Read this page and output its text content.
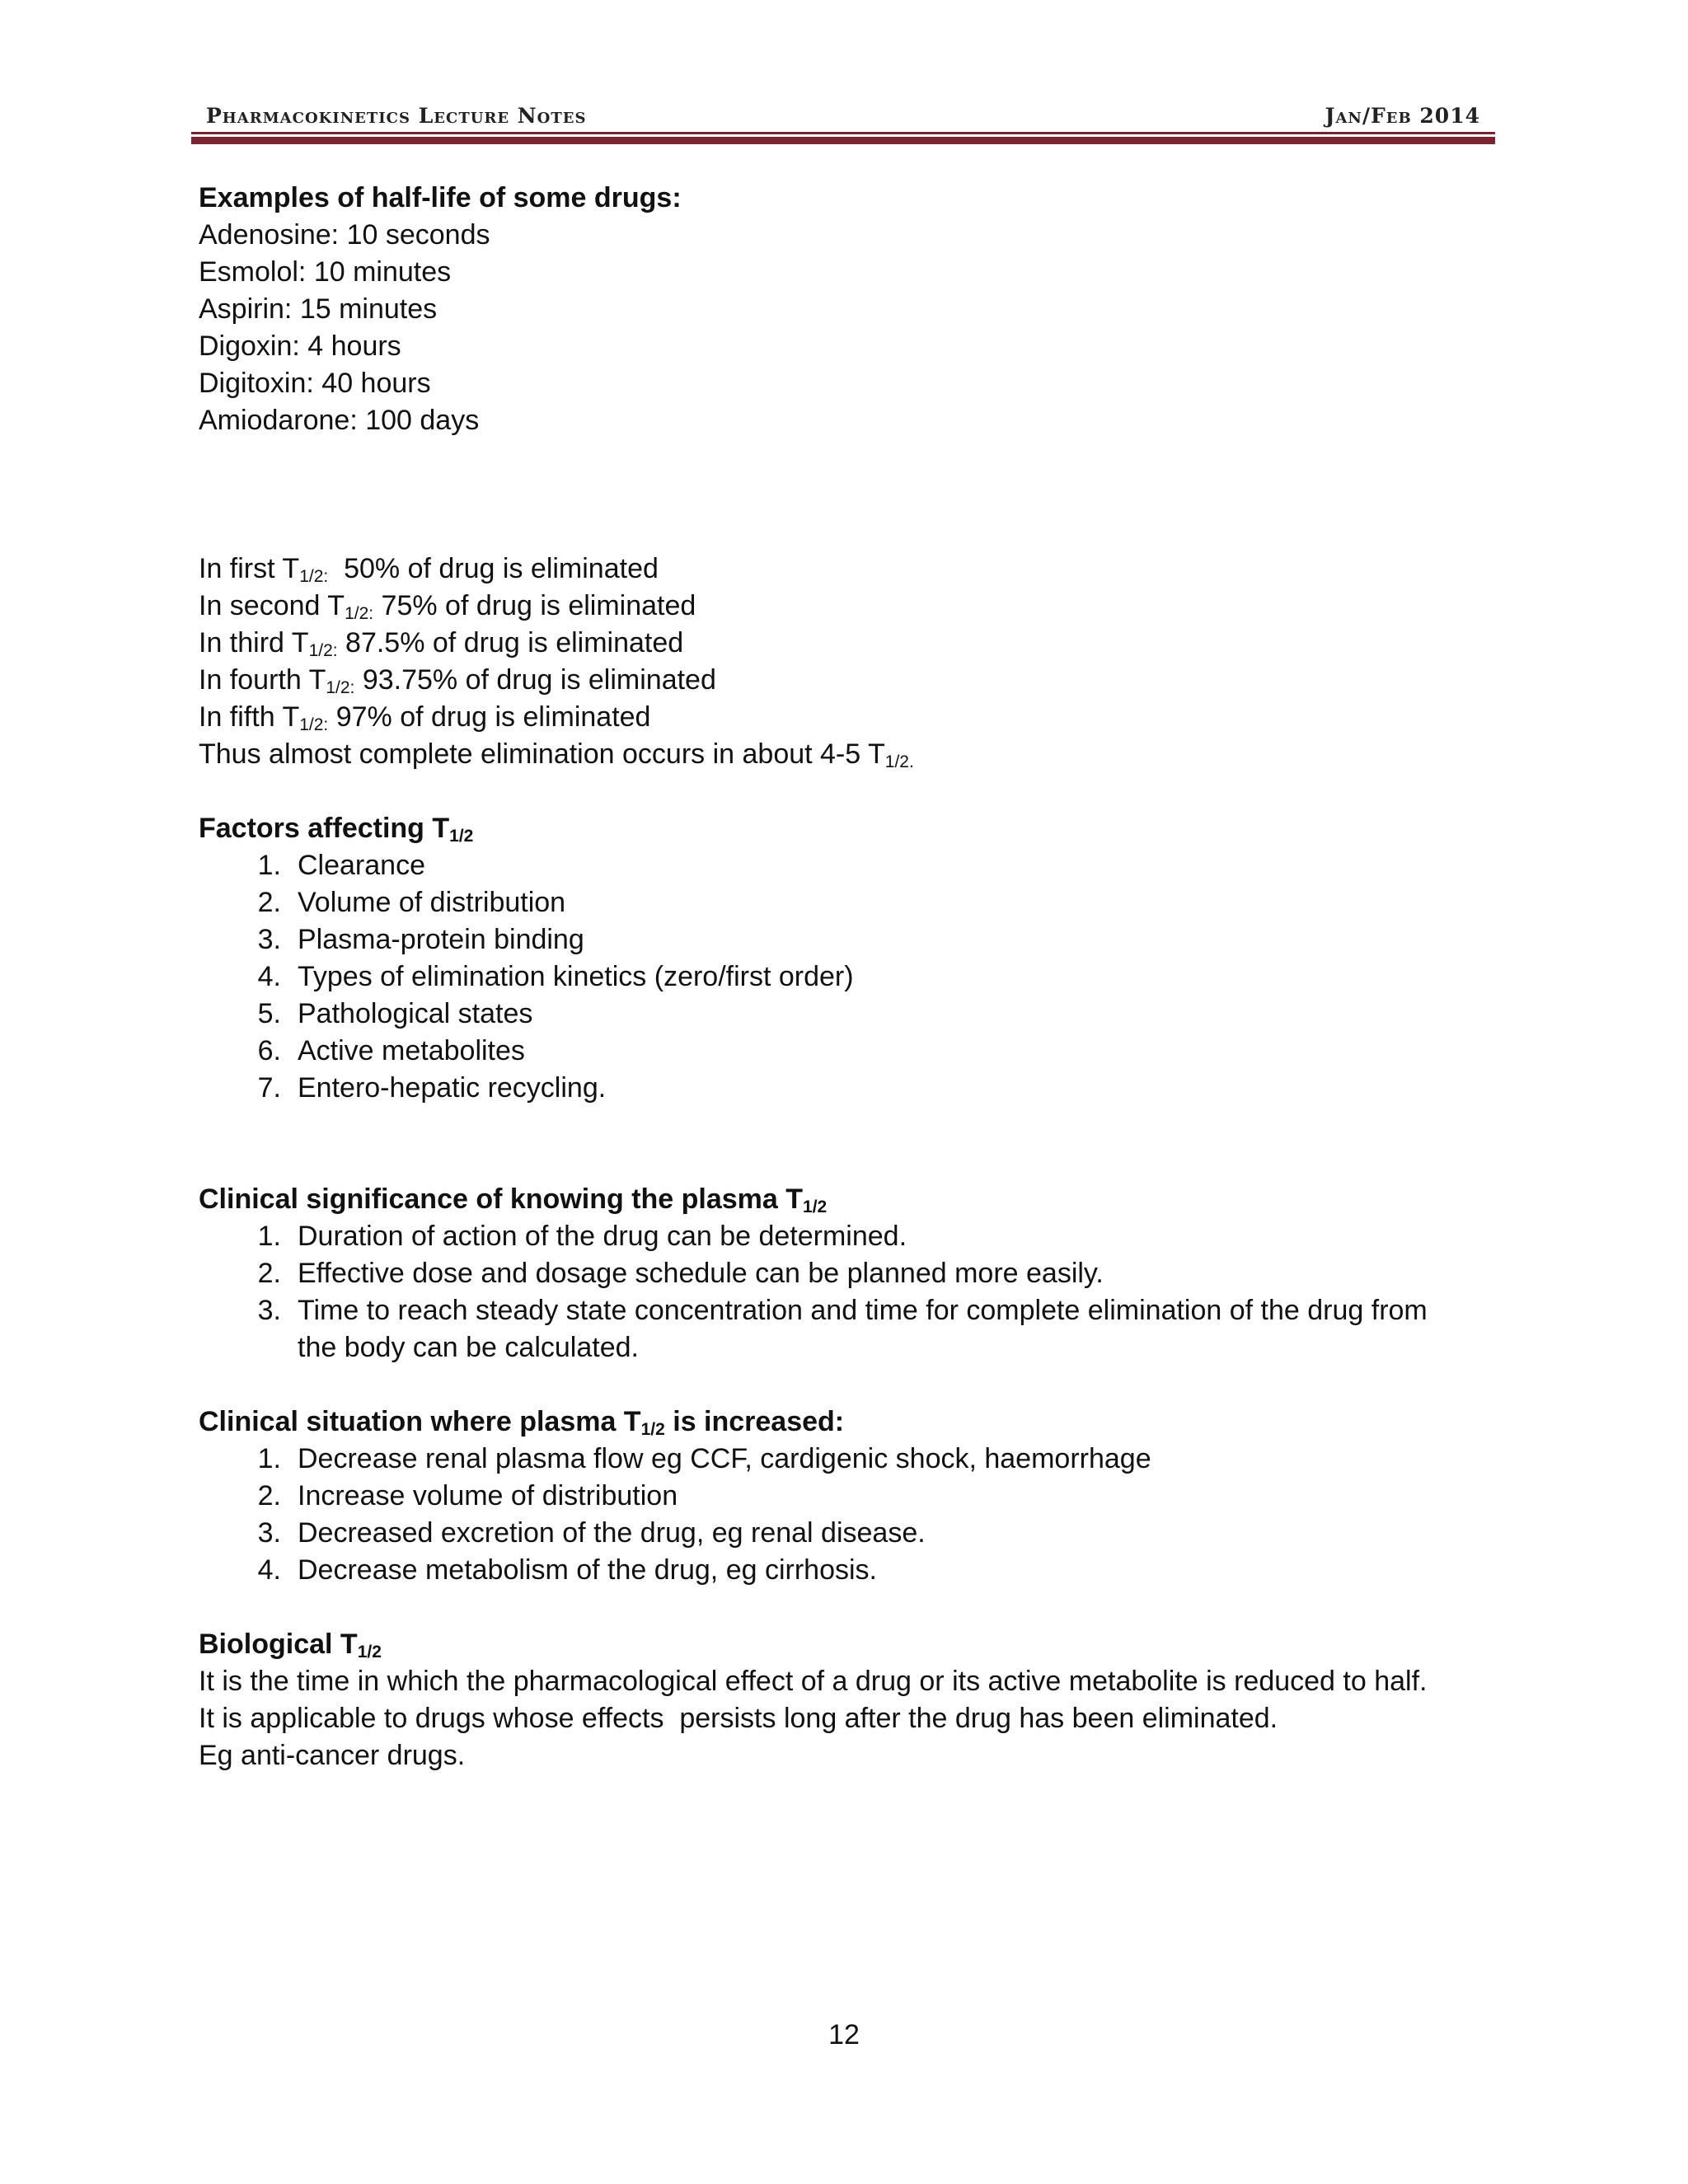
Pharmacokinetics Lecture Notes	Jan/Feb 2014

Examples of half-life of some drugs:

Adenosine: 10 seconds

Esmolol: 10 minutes

Aspirin: 15 minutes

Digoxin: 4 hours

Digitoxin: 40 hours

Amiodarone: 100 days

In first $T_{1/2:}$  50% of drug is eliminated

In second $T_{1/2:}$ 75% of drug is eliminated

In third $T_{1/2:}$ 87.5% of drug is eliminated

In fourth $T_{1/2:}$ 93.75% of drug is eliminated

In fifth $T_{1/2:}$ 97% of drug is eliminated

Thus almost complete elimination occurs in about 4-5 $T_{1/2.}$

Factors affecting $T_{1/2}$

1. Clearance
2. Volume of distribution
3. Plasma-protein binding
4. Types of elimination kinetics (zero/first order)
5. Pathological states
6. Active metabolites
7. Entero-hepatic recycling.

Clinical significance of knowing the plasma $T_{1/2}$

1. Duration of action of the drug can be determined.
2. Effective dose and dosage schedule can be planned more easily.
3. Time to reach steady state concentration and time for complete elimination of the drug from the body can be calculated.

Clinical situation where plasma $T_{1/2}$ is increased:

1. Decrease renal plasma flow eg CCF, cardigenic shock, haemorrhage
2. Increase volume of distribution
3. Decreased excretion of the drug, eg renal disease.
4. Decrease metabolism of the drug, eg cirrhosis.

Biological $T_{1/2}$

It is the time in which the pharmacological effect of a drug or its active metabolite is reduced to half.

It is applicable to drugs whose effects  persists long after the drug has been eliminated.

Eg anti-cancer drugs.

12
